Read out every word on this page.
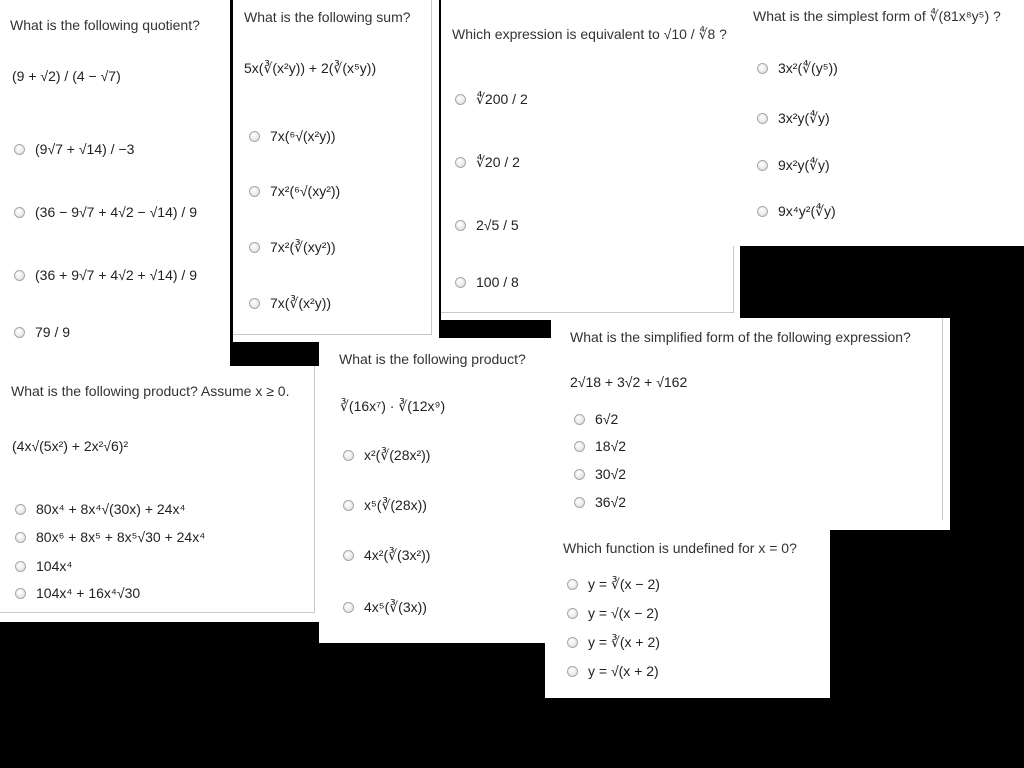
What is the following quotient?
(9 + √2) / (4 − √7)
(9√7 + √14) / −3
(36 − 9√7 + 4√2 − √14) / 9
(36 + 9√7 + 4√2 + √14) / 9
79 / 9
What is the following sum?
5x(∛(x²y)) + 2(∛(x⁵y))
7x(⁶√(x²y))
7x²(⁶√(xy²))
7x²(∛(xy²))
7x(∛(x²y))
Which expression is equivalent to √10 / ∜8 ?
∜200 / 2
∜20 / 2
2√5 / 5
100 / 8
What is the simplest form of ∜(81x⁸y⁵) ?
3x²(∜(y⁵))
3x²y(∜y)
9x²y(∜y)
9x⁴y²(∜y)
What is the following product? Assume x ≥ 0.
(4x√(5x²) + 2x²√6)²
80x⁴ + 8x⁴√(30x) + 24x⁴
80x⁶ + 8x⁵ + 8x⁵√30 + 24x⁴
104x⁴
104x⁴ + 16x⁴√30
What is the following product?
∛(16x⁷) · ∛(12x⁹)
x²(∛(28x²))
x⁵(∛(28x))
4x²(∛(3x²))
4x⁵(∛(3x))
What is the simplified form of the following expression?
2√18 + 3√2 + √162
6√2
18√2
30√2
36√2
Which function is undefined for x = 0?
y = ∛(x − 2)
y = √(x − 2)
y = ∛(x + 2)
y = √(x + 2)
